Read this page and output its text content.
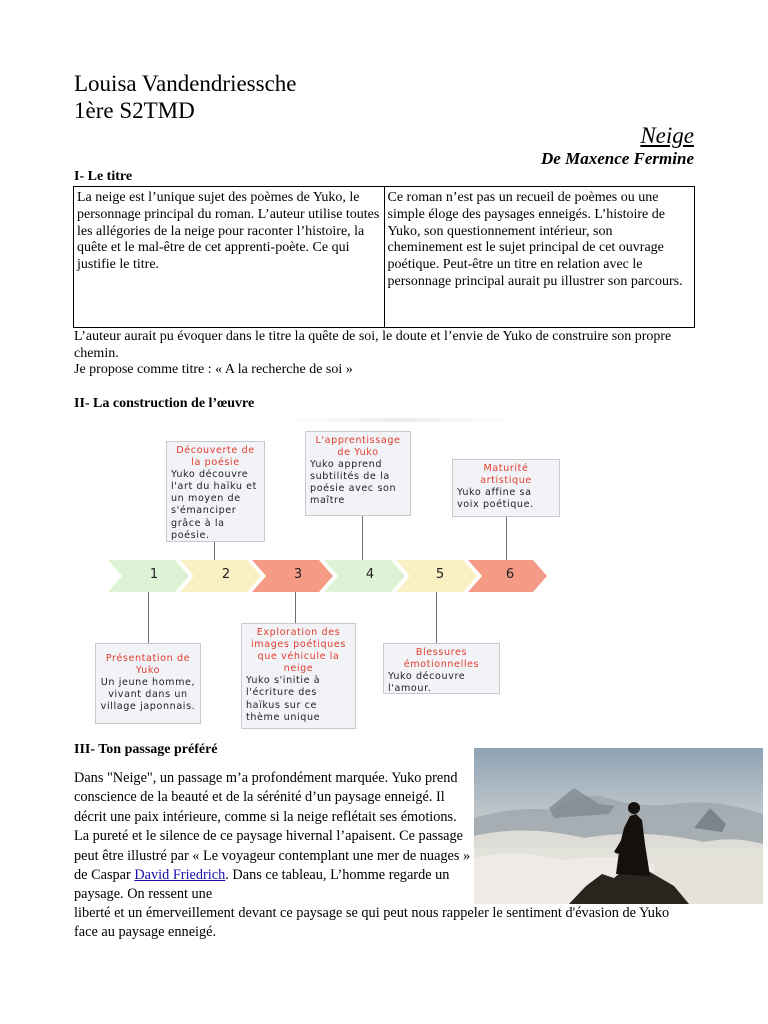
Louisa Vandendriessche
1ère S2TMD
Neige
De Maxence Fermine
I- Le titre
La neige est l’unique sujet des poèmes de Yuko, le personnage principal du roman. L’auteur utilise toutes les allégories de la neige pour raconter l’histoire, la quête et le mal-être de cet apprenti-poète. Ce qui justifie le titre.	Ce roman n’est pas un recueil de poèmes ou une simple éloge des paysages enneigés. L’histoire de Yuko, son questionnement intérieur, son cheminement est le sujet principal de cet ouvrage poétique. Peut-être un titre en relation avec le personnage principal aurait pu illustrer son parcours.
L’auteur aurait pu évoquer dans le titre la quête de soi, le doute et l’envie de Yuko de construire son propre chemin.
Je propose comme titre : « A la recherche de soi »
II- La construction de l’œuvre
1	2	3	4	5	6
Découverte de la poésie
Yuko découvre l'art du haïku et un moyen de s'émanciper grâce à la poésie.
L'apprentissage de Yuko
Yuko apprend subtilités de la poésie avec son maître
Maturité artistique
Yuko affine sa voix poétique.
Présentation de Yuko
Un jeune homme, vivant dans un village japonnais.
Exploration des images poétiques que véhicule la neige
Yuko s'initie à l'écriture des haïkus sur ce thème unique
Blessures émotionnelles
Yuko découvre l'amour.
III- Ton passage préféré
Dans "Neige", un passage m’a profondément marquée. Yuko prend conscience de la beauté et de la sérénité d’un paysage enneigé. Il décrit une paix intérieure, comme si la neige reflétait ses émotions. La pureté et le silence de ce paysage hivernal l’apaisent. Ce passage peut être illustré par « Le voyageur contemplant une mer de nuages » de Caspar David Friedrich. Dans ce tableau, L’homme regarde un paysage. On ressent une
liberté et un émerveillement devant ce paysage se qui peut nous rappeler le sentiment d'évasion de Yuko face au paysage enneigé.
